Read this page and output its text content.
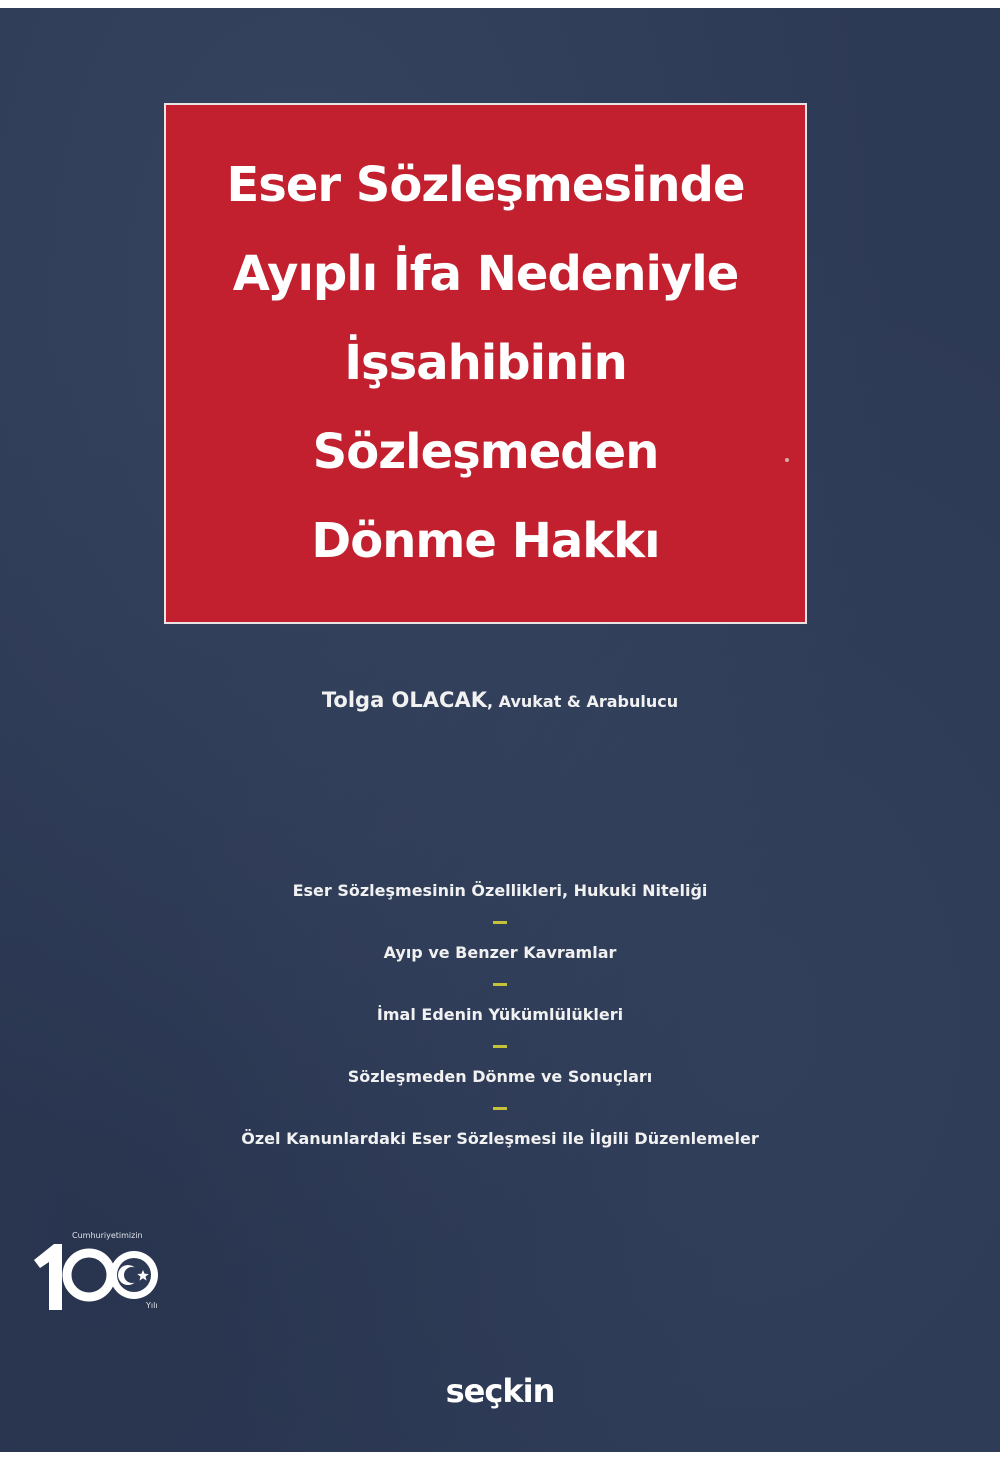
Eser Sözleşmesinde
Ayıplı İfa Nedeniyle
İşsahibinin
Sözleşmeden
Dönme Hakkı
Tolga OLACAK, Avukat & Arabulucu
Eser Sözleşmesinin Özellikleri, Hukuki Niteliği
Ayıp ve Benzer Kavramlar
İmal Edenin Yükümlülükleri
Sözleşmeden Dönme ve Sonuçları
Özel Kanunlardaki Eser Sözleşmesi ile İlgili Düzenlemeler
Cumhuriyetimizin
Yılı
seçkin
